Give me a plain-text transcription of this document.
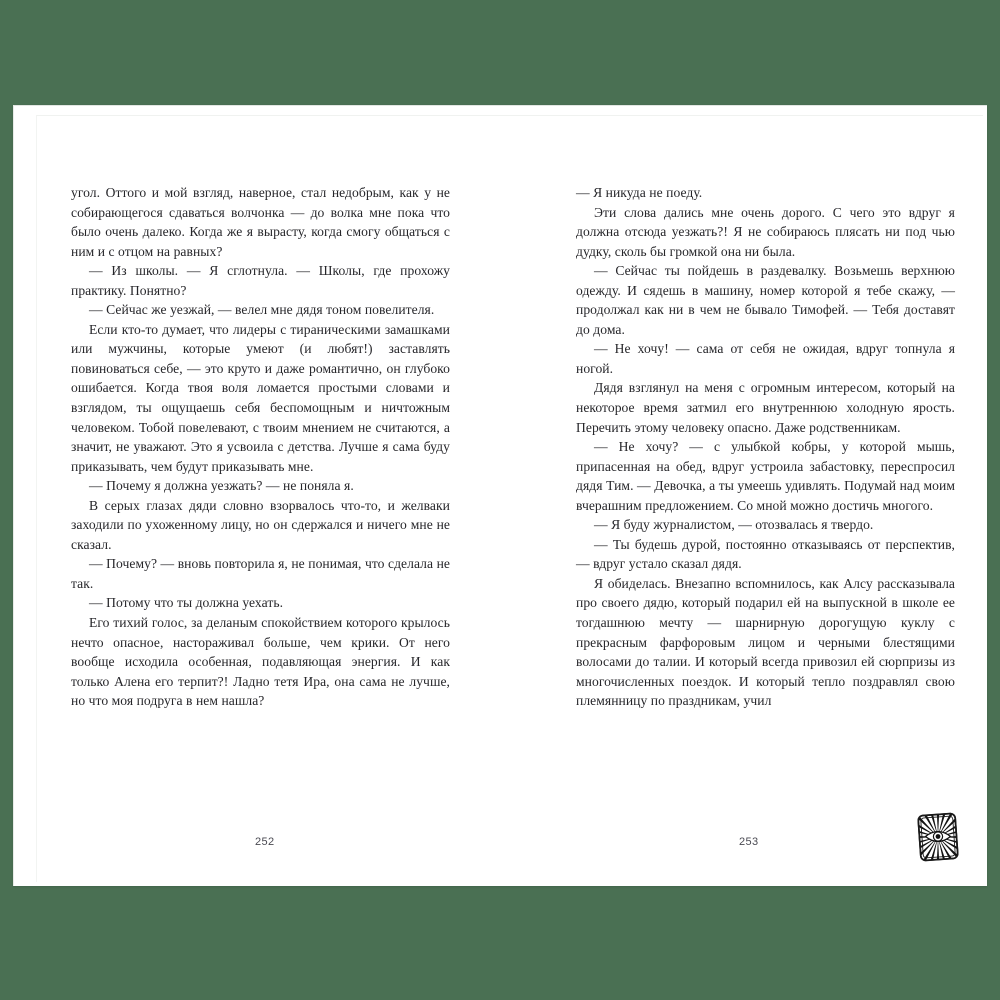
угол. Оттого и мой взгляд, наверное, стал недобрым, как у не собирающегося сдаваться волчонка — до волка мне пока что было очень далеко. Когда же я вырасту, когда смогу общаться с ним и с отцом на равных?

— Из школы. — Я сглотнула. — Школы, где прохожу практику. Понятно?

— Сейчас же уезжай, — велел мне дядя тоном повелителя.

Если кто-то думает, что лидеры с тираническими замашками или мужчины, которые умеют (и любят!) заставлять повиноваться себе, — это круто и даже романтично, он глубоко ошибается. Когда твоя воля ломается простыми словами и взглядом, ты ощущаешь себя беспомощным и ничтожным человеком. Тобой повелевают, с твоим мнением не считаются, а значит, не уважают. Это я усвоила с детства. Лучше я сама буду приказывать, чем будут приказывать мне.

— Почему я должна уезжать? — не поняла я.

В серых глазах дяди словно взорвалось что-то, и желваки заходили по ухоженному лицу, но он сдержался и ничего мне не сказал.

— Почему? — вновь повторила я, не понимая, что сделала не так.

— Потому что ты должна уехать.

Его тихий голос, за деланым спокойствием которого крылось нечто опасное, настораживал больше, чем крики. От него вообще исходила особенная, подавляющая энергия. И как только Алена его терпит?! Ладно тетя Ира, она сама не лучше, но что моя подруга в нем нашла?

252

— Я никуда не поеду.

Эти слова дались мне очень дорого. С чего это вдруг я должна отсюда уезжать?! Я не собираюсь плясать ни под чью дудку, сколь бы громкой она ни была.

— Сейчас ты пойдешь в раздевалку. Возьмешь верхнюю одежду. И сядешь в машину, номер которой я тебе скажу, — продолжал как ни в чем не бывало Тимофей. — Тебя доставят до дома.

— Не хочу! — сама от себя не ожидая, вдруг топнула я ногой.

Дядя взглянул на меня с огромным интересом, который на некоторое время затмил его внутреннюю холодную ярость. Перечить этому человеку опасно. Даже родственникам.

— Не хочу? — с улыбкой кобры, у которой мышь, припасенная на обед, вдруг устроила забастовку, переспросил дядя Тим. — Девочка, а ты умеешь удивлять. Подумай над моим вчерашним предложением. Со мной можно достичь многого.

— Я буду журналистом, — отозвалась я твердо.

— Ты будешь дурой, постоянно отказываясь от перспектив, — вдруг устало сказал дядя.

Я обиделась. Внезапно вспомнилось, как Алсу рассказывала про своего дядю, который подарил ей на выпускной в школе ее тогдашнюю мечту — шарнирную дорогущую куклу с прекрасным фарфоровым лицом и черными блестящими волосами до талии. И который всегда привозил ей сюрпризы из многочисленных поездок. И который тепло поздравлял свою племянницу по праздникам, учил

253
